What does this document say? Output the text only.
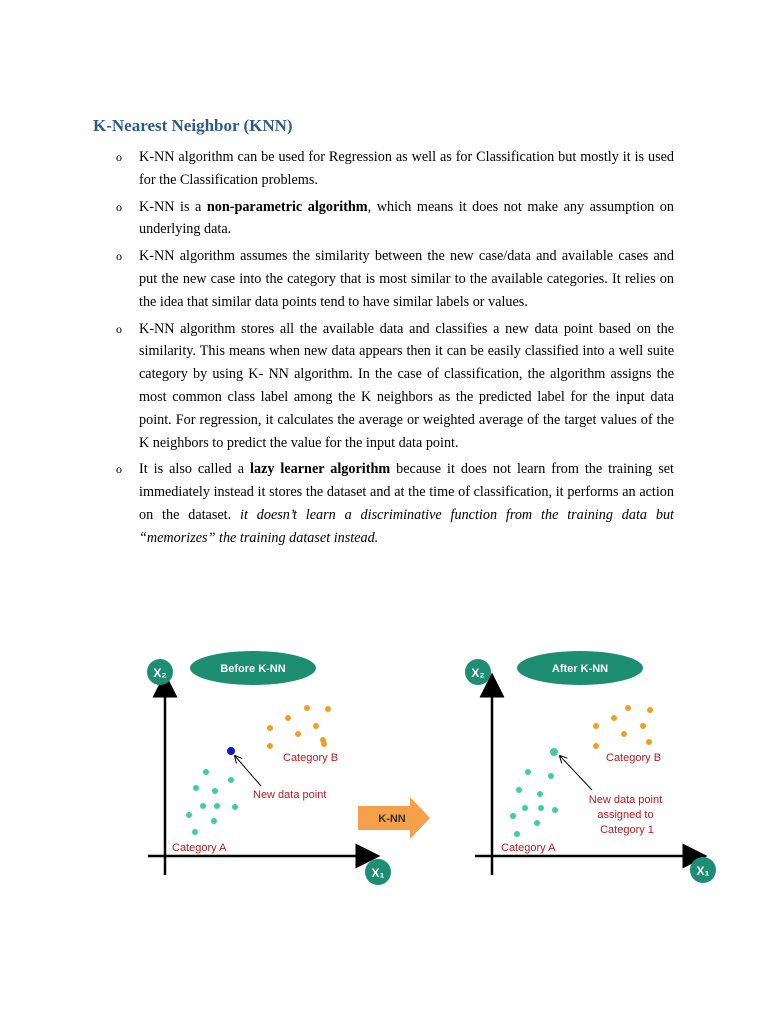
K-Nearest Neighbor (KNN)
o K-NN algorithm can be used for Regression as well as for Classification but mostly it is used for the Classification problems.
o K-NN is a non-parametric algorithm, which means it does not make any assumption on underlying data.
o K-NN algorithm assumes the similarity between the new case/data and available cases and put the new case into the category that is most similar to the available categories. It relies on the idea that similar data points tend to have similar labels or values.
o K-NN algorithm stores all the available data and classifies a new data point based on the similarity. This means when new data appears then it can be easily classified into a well suite category by using K- NN algorithm. In the case of classification, the algorithm assigns the most common class label among the K neighbors as the predicted label for the input data point. For regression, it calculates the average or weighted average of the target values of the K neighbors to predict the value for the input data point.
o It is also called a lazy learner algorithm because it does not learn from the training set immediately instead it stores the dataset and at the time of classification, it performs an action on the dataset. it doesn’t learn a discriminative function from the training data but “memorizes” the training dataset instead.
X₂
X₁
Before K-NN
Category B
New data point
Category A
K-NN
X₂
X₁
After K-NN
Category B
New data point assigned to Category 1
Category A
